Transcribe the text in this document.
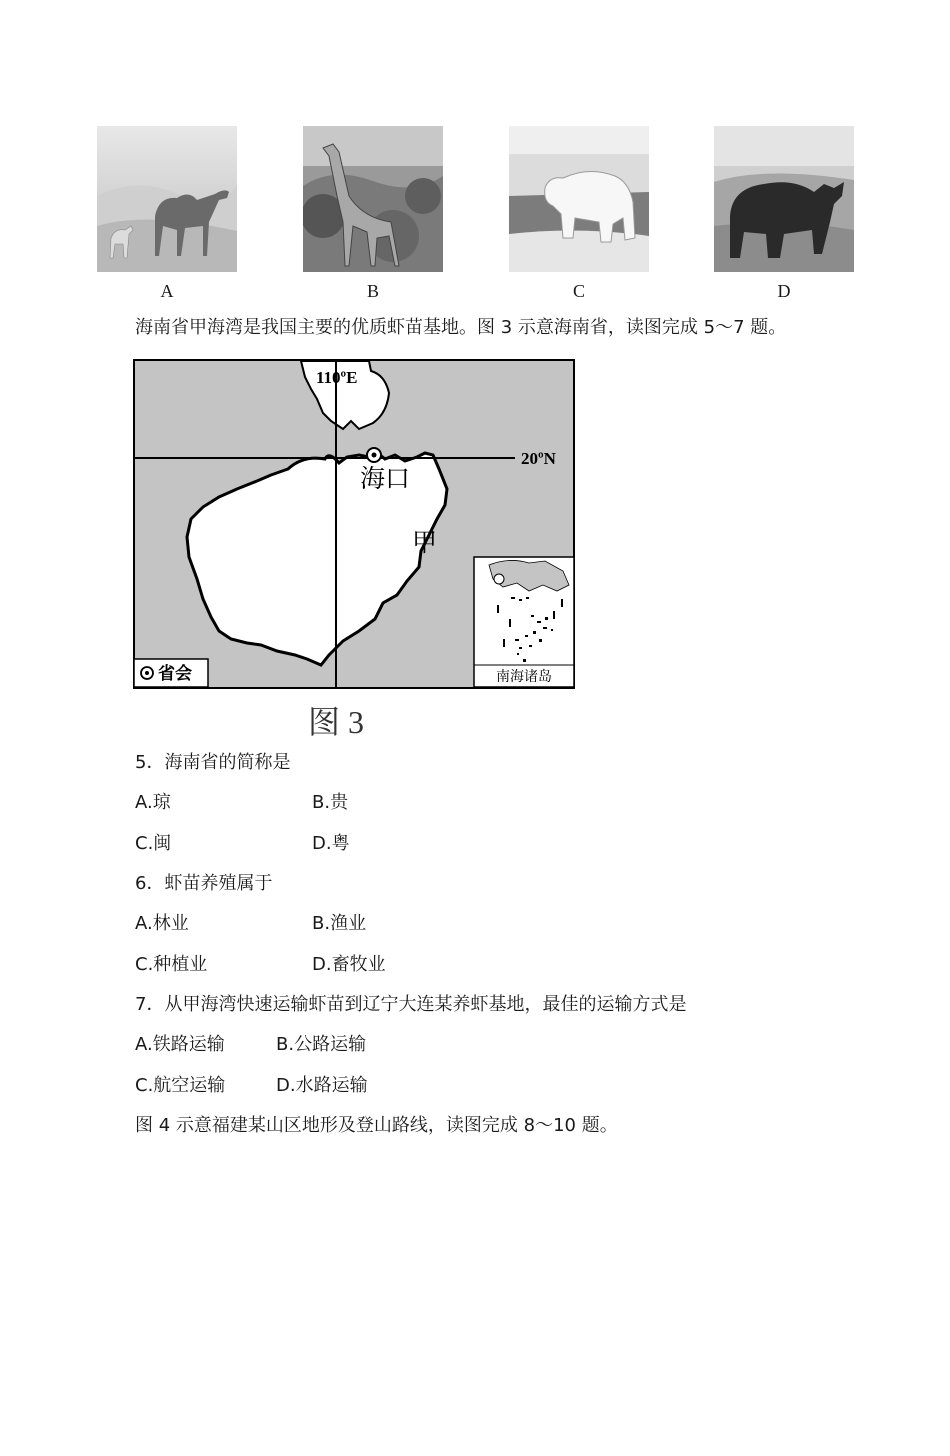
A	B	C	D
海南省甲海湾是我国主要的优质虾苗基地。图 3 示意海南省，读图完成 5～7 题。
110ºE
20ºN
海口
甲
省会	南海诸岛
图 3
5．海南省的简称是
A.琼	B.贵
C.闽	D.粤
6．虾苗养殖属于
A.林业	B.渔业
C.种植业	D.畜牧业
7．从甲海湾快速运输虾苗到辽宁大连某养虾基地，最佳的运输方式是
A.铁路运输	B.公路运输
C.航空运输	D.水路运输
图 4 示意福建某山区地形及登山路线，读图完成 8～10 题。
